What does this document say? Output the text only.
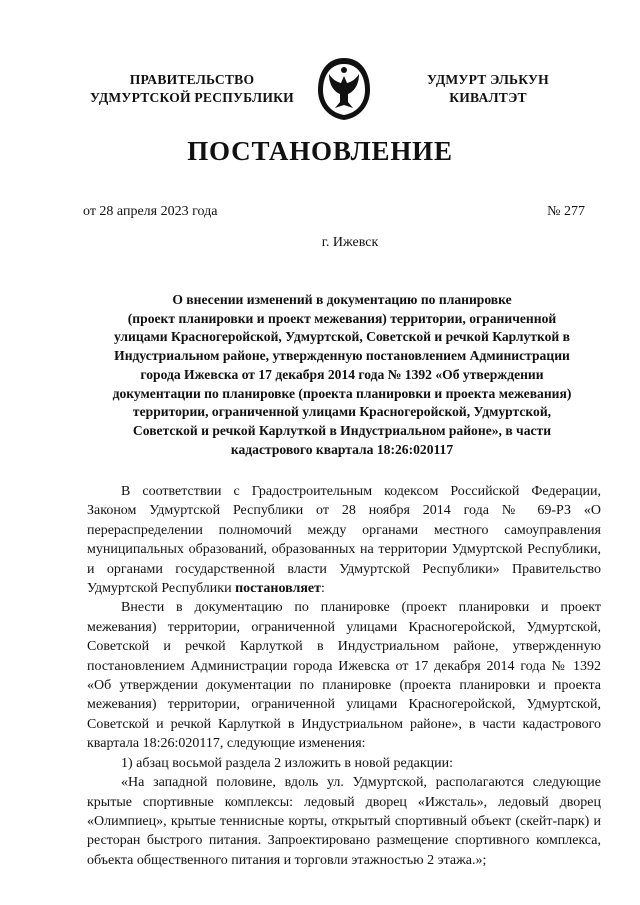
ПРАВИТЕЛЬСТВО
УДМУРТСКОЙ РЕСПУБЛИКИ
УДМУРТ ЭЛЬКУН
КИВАЛТЭТ
ПОСТАНОВЛЕНИЕ
от 28 апреля 2023 года	№ 277
г. Ижевск
О внесении изменений в документацию по планировке
(проект планировки и проект межевания) территории, ограниченной
улицами Красногеройской, Удмуртской, Советской и речкой Карлуткой в
Индустриальном районе, утвержденную постановлением Администрации
города Ижевска от 17 декабря 2014 года № 1392 «Об утверждении
документации по планировке (проекта планировки и проекта межевания)
территории, ограниченной улицами Красногеройской, Удмуртской,
Советской и речкой Карлуткой в Индустриальном районе», в части
кадастрового квартала 18:26:020117

В соответствии с Градостроительным кодексом Российской Федерации, Законом Удмуртской Республики от 28 ноября 2014 года № 69-РЗ «О перераспределении полномочий между органами местного самоуправления муниципальных образований, образованных на территории Удмуртской Республики, и органами государственной власти Удмуртской Республики» Правительство Удмуртской Республики постановляет:

Внести в документацию по планировке (проект планировки и проект межевания) территории, ограниченной улицами Красногеройской, Удмуртской, Советской и речкой Карлуткой в Индустриальном районе, утвержденную постановлением Администрации города Ижевска от 17 декабря 2014 года № 1392 «Об утверждении документации по планировке (проекта планировки и проекта межевания) территории, ограниченной улицами Красногеройской, Удмуртской, Советской и речкой Карлуткой в Индустриальном районе», в части кадастрового квартала 18:26:020117, следующие изменения:

1) абзац восьмой раздела 2 изложить в новой редакции:

«На западной половине, вдоль ул. Удмуртской, располагаются следующие крытые спортивные комплексы: ледовый дворец «Ижсталь», ледовый дворец «Олимпиец», крытые теннисные корты, открытый спортивный объект (скейт-парк) и ресторан быстрого питания. Запроектировано размещение спортивного комплекса, объекта общественного питания и торговли этажностью 2 этажа.»;
